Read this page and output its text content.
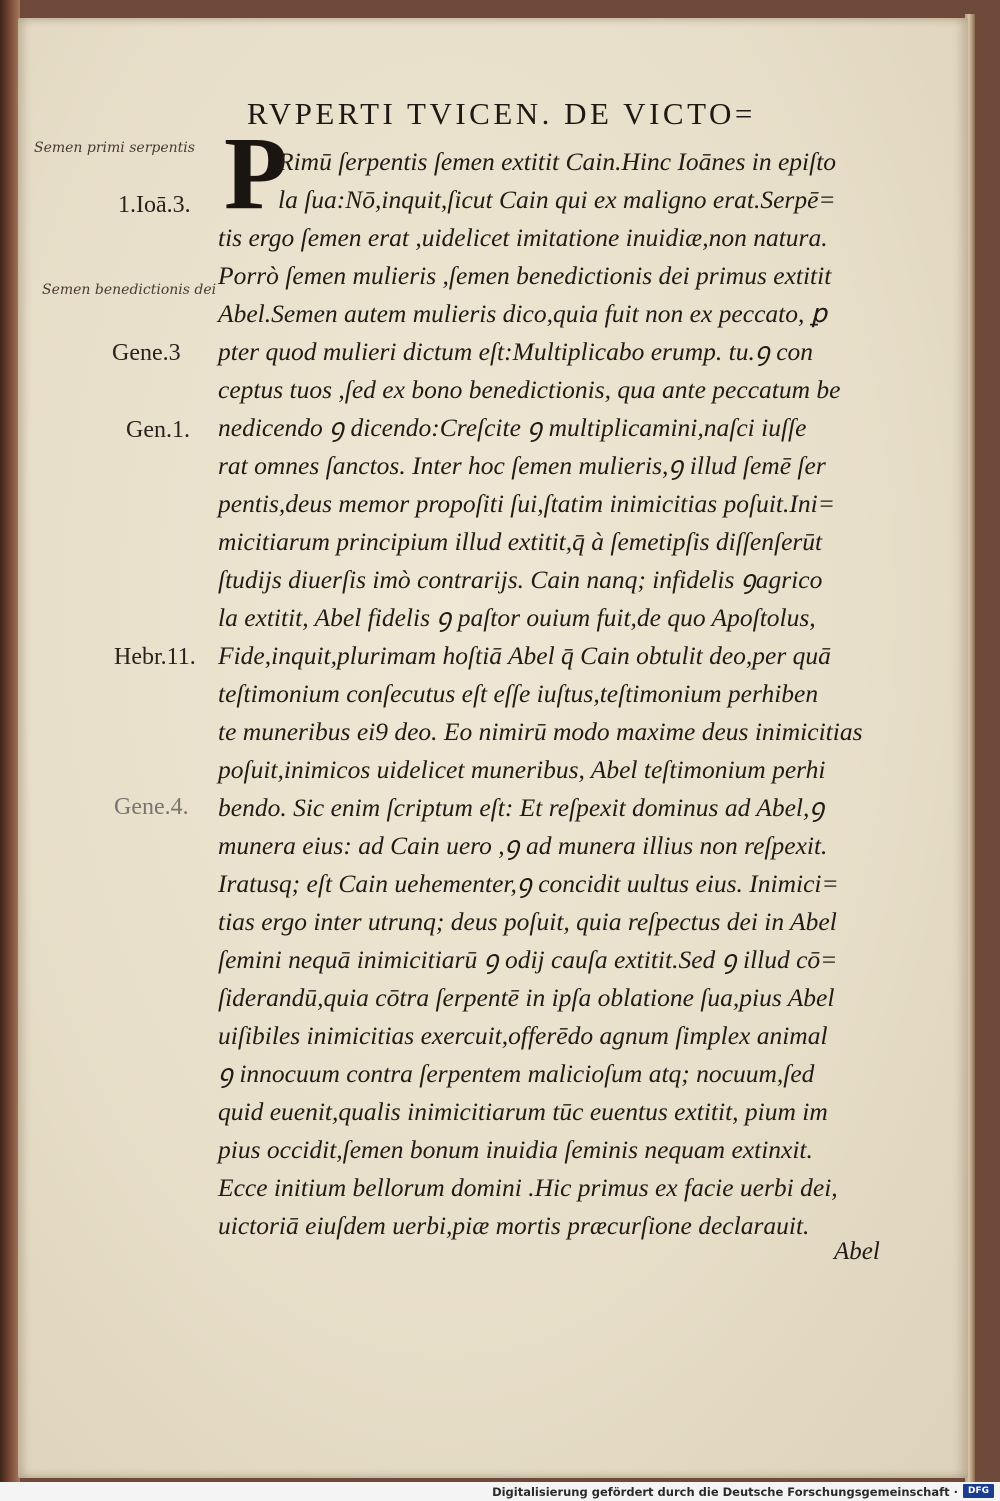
RVPERTI TVICEN. DE VICTO=
P
Semen primi serpentis
Semen benedictionis dei
1.Ioā.3.
Gene.3
Gen.1.
Hebr.11.
Gene.4.
Rimū ſerpentis ſemen extitit Cain.Hinc Ioānes in epiſto
la ſua:Nō,inquit,ſicut Cain qui ex maligno erat.Serpē=
tis ergo ſemen erat ,uidelicet imitatione inuidiæ,non natura.
Porrò ſemen mulieris ,ſemen benedictionis dei primus extitit
Abel.Semen autem mulieris dico,quia fuit non ex peccato, ꝑ
pter quod mulieri dictum eſt:Multiplicabo erump. tu.ꝯ con
ceptus tuos ,ſed ex bono benedictionis, qua ante peccatum be
nedicendo ꝯ dicendo:Creſcite ꝯ multiplicamini,naſci iuſſe
rat omnes ſanctos. Inter hoc ſemen mulieris,ꝯ illud ſemē ſer
pentis,deus memor propoſiti ſui,ſtatim inimicitias poſuit.Ini=
micitiarum principium illud extitit,q̄ à ſemetipſis diſſenſerūt
ſtudijs diuerſis imò contrarijs. Cain nanq; infidelis ꝯagrico
la extitit, Abel fidelis ꝯ paſtor ouium fuit,de quo Apoſtolus,
Fide,inquit,plurimam hoſtiā Abel q̄ Cain obtulit deo,per quā
teſtimonium conſecutus eſt eſſe iuſtus,teſtimonium perhiben
te muneribus ei9 deo. Eo nimirū modo maxime deus inimicitias
poſuit,inimicos uidelicet muneribus, Abel teſtimonium perhi
bendo. Sic enim ſcriptum eſt: Et reſpexit dominus ad Abel,ꝯ
munera eius: ad Cain uero ,ꝯ ad munera illius non reſpexit.
Iratusq; eſt Cain uehementer,ꝯ concidit uultus eius. Inimici=
tias ergo inter utrunq; deus poſuit, quia reſpectus dei in Abel
ſemini nequā inimicitiarū ꝯ odij cauſa extitit.Sed ꝯ illud cō=
ſiderandū,quia cōtra ſerpentē in ipſa oblatione ſua,pius Abel
uiſibiles inimicitias exercuit,offerēdo agnum ſimplex animal
ꝯ innocuum contra ſerpentem malicioſum atq; nocuum,ſed
quid euenit,qualis inimicitiarum tūc euentus extitit, pium im
pius occidit,ſemen bonum inuidia ſeminis nequam extinxit.
Ecce initium bellorum domini .Hic primus ex facie uerbi dei,
uictoriā eiuſdem uerbi,piæ mortis præcurſione declarauit.
Abel
Digitalisierung gefördert durch die Deutsche Forschungsgemeinschaft ·	DFG
